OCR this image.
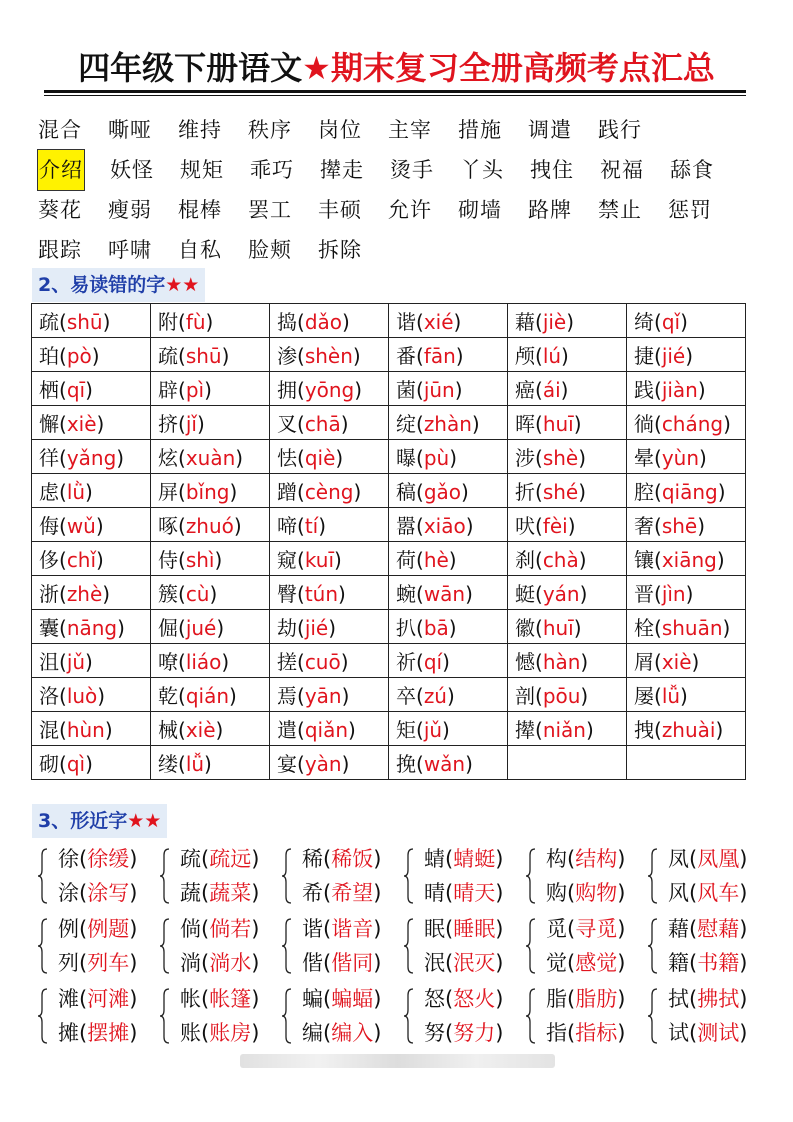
四年级下册语文★期末复习全册高频考点汇总
混合 嘶哑 维持 秩序 岗位 主宰 措施 调遣 践行
介绍 妖怪 规矩 乖巧 撵走 烫手 丫头 拽住 祝福 舔食
葵花 瘦弱 棍棒 罢工 丰硕 允许 砌墙 路牌 禁止 惩罚
跟踪 呼啸 自私 脸颊 拆除
2、易读错的字★★
疏(shū)	附(fù)	捣(dǎo)	谐(xié)	藉(jiè)	绮(qǐ)
珀(pò)	疏(shū)	渗(shèn)	番(fān)	颅(lú)	捷(jié)
栖(qī)	辟(pì)	拥(yōng)	菌(jūn)	癌(ái)	践(jiàn)
懈(xiè)	挤(jǐ)	叉(chā)	绽(zhàn)	晖(huī)	徜(cháng)
徉(yǎng)	炫(xuàn)	怯(qiè)	曝(pù)	涉(shè)	晕(yùn)
虑(lǜ)	屏(bǐng)	蹭(cèng)	稿(gǎo)	折(shé)	腔(qiāng)
侮(wǔ)	啄(zhuó)	啼(tí)	嚣(xiāo)	吠(fèi)	奢(shē)
侈(chǐ)	侍(shì)	窥(kuī)	荷(hè)	刹(chà)	镶(xiāng)
浙(zhè)	簇(cù)	臀(tún)	蜿(wān)	蜓(yán)	晋(jìn)
囊(nāng)	倔(jué)	劫(jié)	扒(bā)	徽(huī)	栓(shuān)
沮(jǔ)	嘹(liáo)	搓(cuō)	祈(qí)	憾(hàn)	屑(xiè)
洛(luò)	乾(qián)	焉(yān)	卒(zú)	剖(pōu)	屡(lǚ)
混(hùn)	械(xiè)	遣(qiǎn)	矩(jǔ)	撵(niǎn)	拽(zhuài)
砌(qì)	缕(lǚ)	宴(yàn)	挽(wǎn)		
3、形近字★★
徐(徐缓)
涂(涂写)
疏(疏远)
蔬(蔬菜)
稀(稀饭)
希(希望)
蜻(蜻蜓)
晴(晴天)
构(结构)
购(购物)
凤(凤凰)
风(风车)
例(例题)
列(列车)
倘(倘若)
淌(淌水)
谐(谐音)
偕(偕同)
眠(睡眠)
泯(泯灭)
觅(寻觅)
觉(感觉)
藉(慰藉)
籍(书籍)
滩(河滩)
摊(摆摊)
帐(帐篷)
账(账房)
蝙(蝙蝠)
编(编入)
怒(怒火)
努(努力)
脂(脂肪)
指(指标)
拭(拂拭)
试(测试)
